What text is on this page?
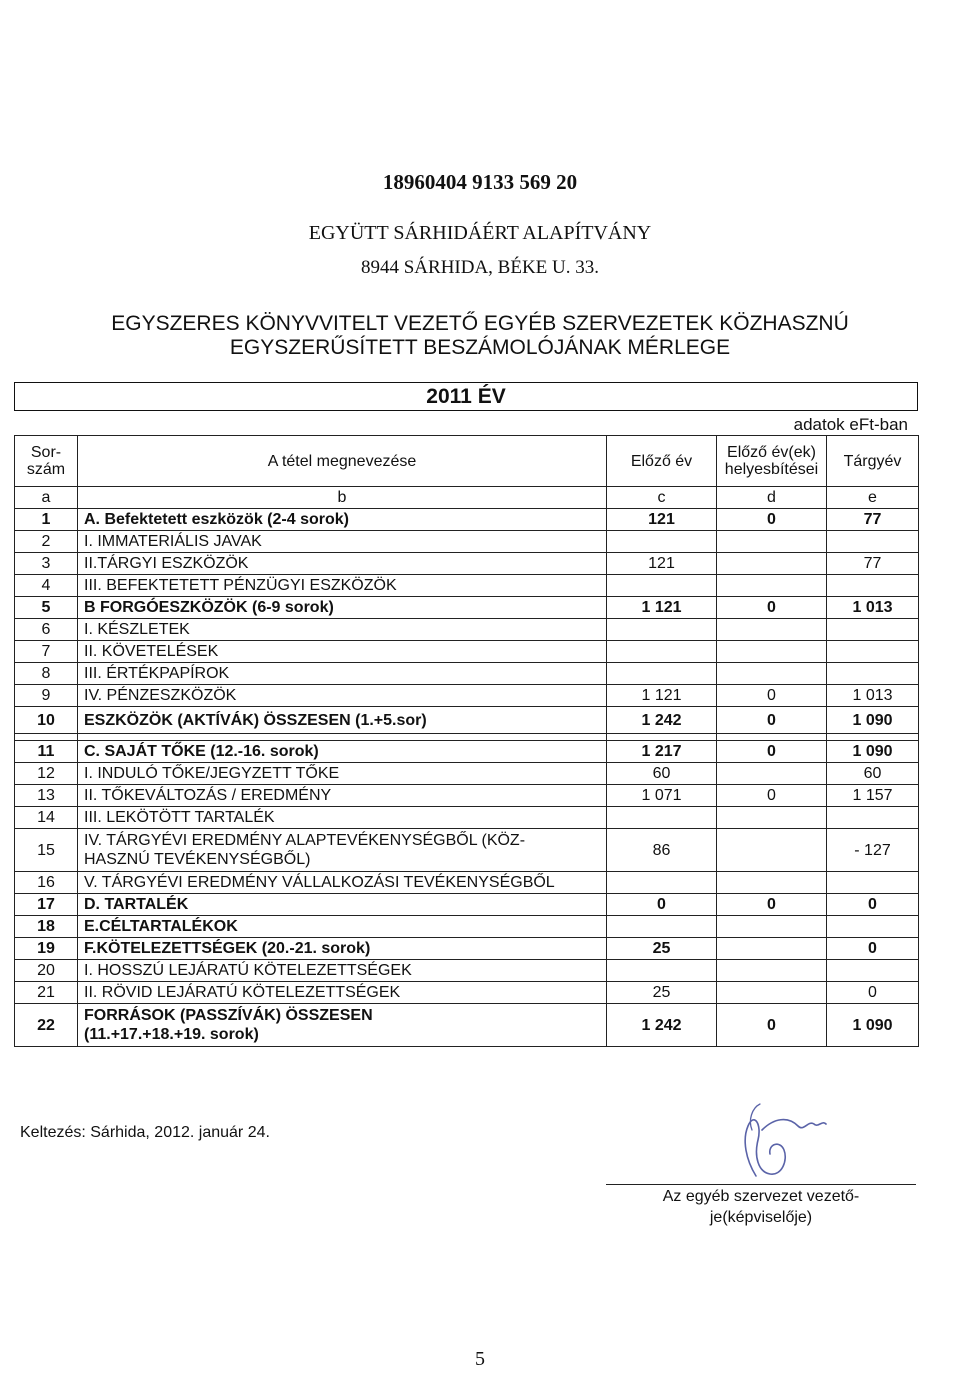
18960404 9133 569 20
EGYÜTT SÁRHIDÁÉRT ALAPÍTVÁNY
8944 SÁRHIDA, BÉKE U. 33.
EGYSZERES KÖNYVVITELT VEZETŐ EGYÉB SZERVEZETEK KÖZHASZNÚ
EGYSZERŰSÍTETT BESZÁMOLÓJÁNAK MÉRLEGE
2011 ÉV
adatok eFt-ban
Sor-
szám	A tétel megnevezése	Előző év	Előző év(ek)
helyesbítései	Tárgyév
a	b	c	d	e
1	A. Befektetett eszközök (2-4 sorok)	121	0	77
2	I. IMMATERIÁLIS JAVAK			
3	II.TÁRGYI ESZKÖZÖK	121		77
4	III. BEFEKTETETT PÉNZÜGYI ESZKÖZÖK			
5	B FORGÓESZKÖZÖK (6-9 sorok)	1 121	0	1 013
6	I. KÉSZLETEK			
7	II. KÖVETELÉSEK			
8	III. ÉRTÉKPAPÍROK			
9	IV. PÉNZESZKÖZÖK	1 121	0	1 013
10	ESZKÖZÖK (AKTÍVÁK) ÖSSZESEN (1.+5.sor)	1 242	0	1 090

11	C. SAJÁT TŐKE (12.-16. sorok)	1 217	0	1 090
12	I. INDULÓ TŐKE/JEGYZETT TŐKE	60		60
13	II. TŐKEVÁLTOZÁS / EREDMÉNY	1 071	0	1 157
14	III. LEKÖTÖTT TARTALÉK			
15	IV. TÁRGYÉVI EREDMÉNY ALAPTEVÉKENYSÉGBŐL (KÖZ-
HASZNÚ TEVÉKENYSÉGBŐL)	86		- 127
16	V. TÁRGYÉVI EREDMÉNY VÁLLALKOZÁSI TEVÉKENYSÉGBŐL			
17	D. TARTALÉK	0	0	0
18	E.CÉLTARTALÉKOK			
19	F.KÖTELEZETTSÉGEK (20.-21. sorok)	25		0
20	I. HOSSZÚ LEJÁRATÚ KÖTELEZETTSÉGEK			
21	II. RÖVID LEJÁRATÚ KÖTELEZETTSÉGEK	25		0
22	FORRÁSOK (PASSZÍVÁK) ÖSSZESEN
(11.+17.+18.+19. sorok)	1 242	0	1 090
Keltezés: Sárhida, 2012. január 24.
Az egyéb szervezet vezető-
je(képviselője)
5
